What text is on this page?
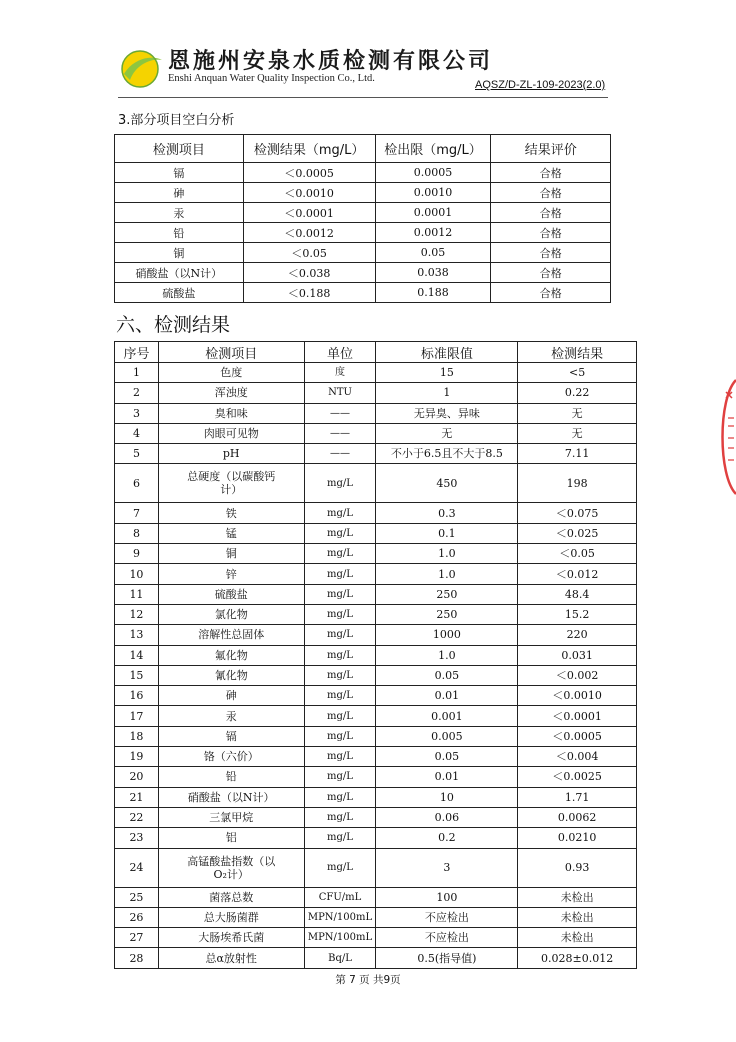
恩施州安泉水质检测有限公司
Enshi Anquan Water Quality Inspection Co., Ltd.
AQSZ/D-ZL-109-2023(2.0)
3.部分项目空白分析
检测项目	检测结果（mg/L）	检出限（mg/L）	结果评价
镉	＜0.0005	0.0005	合格
砷	＜0.0010	0.0010	合格
汞	＜0.0001	0.0001	合格
铅	＜0.0012	0.0012	合格
铜	＜0.05	0.05	合格
硝酸盐（以N计）	＜0.038	0.038	合格
硫酸盐	＜0.188	0.188	合格
六、检测结果
序号	检测项目	单位	标准限值	检测结果
1	色度	度	15	<5
2	浑浊度	NTU	1	0.22
3	臭和味	——	无异臭、异味	无
4	肉眼可见物	——	无	无
5	pH	——	不小于6.5且不大于8.5	7.11
6	总硬度（以碳酸钙计）	mg/L	450	198
7	铁	mg/L	0.3	＜0.075
8	锰	mg/L	0.1	＜0.025
9	铜	mg/L	1.0	＜0.05
10	锌	mg/L	1.0	＜0.012
11	硫酸盐	mg/L	250	48.4
12	氯化物	mg/L	250	15.2
13	溶解性总固体	mg/L	1000	220
14	氟化物	mg/L	1.0	0.031
15	氰化物	mg/L	0.05	＜0.002
16	砷	mg/L	0.01	＜0.0010
17	汞	mg/L	0.001	＜0.0001
18	镉	mg/L	0.005	＜0.0005
19	铬（六价）	mg/L	0.05	＜0.004
20	铅	mg/L	0.01	＜0.0025
21	硝酸盐（以N计）	mg/L	10	1.71
22	三氯甲烷	mg/L	0.06	0.0062
23	铝	mg/L	0.2	0.0210
24	高锰酸盐指数（以O₂计）	mg/L	3	0.93
25	菌落总数	CFU/mL	100	未检出
26	总大肠菌群	MPN/100mL	不应检出	未检出
27	大肠埃希氏菌	MPN/100mL	不应检出	未检出
28	总α放射性	Bq/L	0.5(指导值)	0.028±0.012
第 7 页 共9页
